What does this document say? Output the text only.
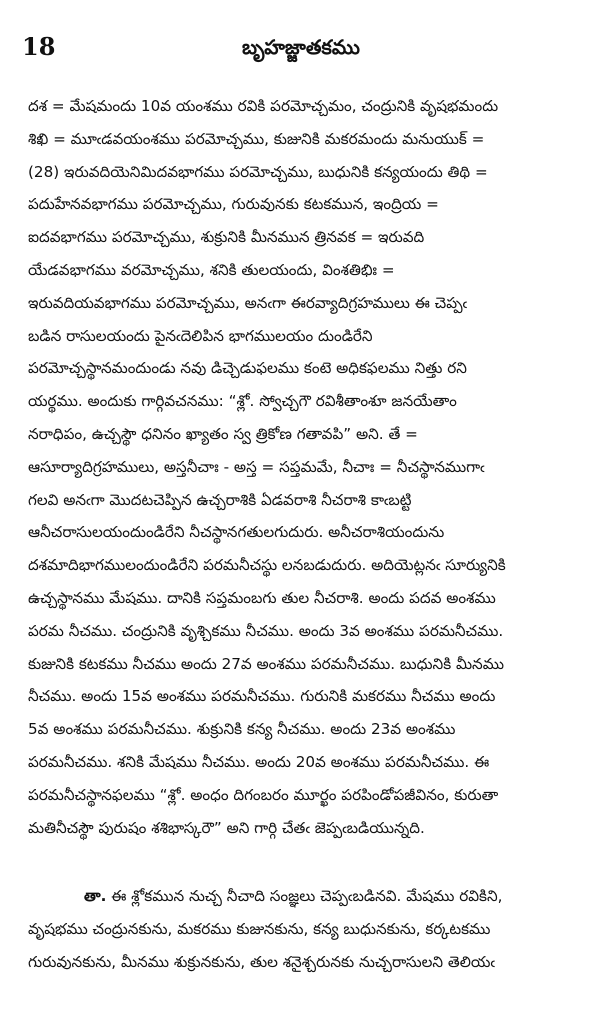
18	బృహజ్జాతకము
దశ = మేషమందు 10వ యంశము రవికి పరమోచ్చమం, చంద్రునికి వృషభమందు
శిఖి = మూఁడవయంశము పరమోచ్చము, కుజునికి మకరమందు మనుయుక్ =
(28) ఇరువదియెనిమిదవభాగము పరమోచ్చము, బుధునికి కన్యయందు తిథి =
పదుహేనవభాగము పరమోచ్చము, గురువునకు కటకమున, ఇంద్రియ =
ఐదవభాగము పరమోచ్చము, శుక్రునికి మీనమున త్రినవక = ఇరువది
యేడవభాగము వరమోచ్చము, శనికి తులయందు, వింశతిభిః =
ఇరువదియవభాగము పరమోచ్చము, అనఁగా ఈరవ్యాదిగ్రహములు ఈ చెప్పఁ
బడిన రాసులయందు పైనఁదెలిపిన భాగములయం దుండిరేని
పరమోచ్చస్థానమందుండు నవు డిచ్చెడుఫలము కంటె అధికఫలము నిత్తు రని
యర్థము. అందుకు గార్గివచనము: “శ్లో. స్వోచ్చగౌ రవిశీతాంశూ జనయేతాం
నరాధిపం, ఉచ్చస్థౌ ధనినం ఖ్యాతం స్వ త్రికోణ గతావపి” అని. తే =
ఆసూర్యాదిగ్రహములు, అస్తనీచాః - అస్త = సప్తమమే, నీచాః = నీచస్థానముగాఁ
గలవి అనఁగా మొదటచెప్పిన ఉచ్చరాశికి ఏడవరాశి నీచరాశి కాఁబట్టి
ఆనీచరాసులయందుండిరేని నీచస్థానగతులగుదురు. అనీచరాశియందును
దశమాదిభాగములందుండిరేని పరమనీచస్థు లనబడుదురు. అదియెట్లనఁ సూర్యునికి
ఉచ్చస్థానము మేషము. దానికి సప్తమంబగు తుల నీచరాశి. అందు పదవ అంశము
పరమ నీచము. చంద్రునికి వృశ్చికము నీచము. అందు 3వ అంశము పరమనీచము.
కుజునికి కటకము నీచము అందు 27వ అంశము పరమనీచము. బుధునికి మీనము
నీచము. అందు 15వ అంశము పరమనీచము. గురునికి మకరము నీచము అందు
5వ అంశము పరమనీచము. శుక్రునికి కన్య నీచము. అందు 23వ అంశము
పరమనీచము. శనికి మేషము నీచము. అందు 20వ అంశము పరమనీచము. ఈ
పరమనీచస్థానఫలము “శ్లో. అంధం దిగంబరం మూర్ఖం పరపిండోపజీవినం, కురుతా
మతినీచస్థౌ పురుషం శశిభాస్కరౌ” అని గార్గి చేతఁ జెప్పఁబడియున్నది.
తా. ఈ శ్లోకమున నుచ్చ నీచాది సంజ్ఞలు చెప్పఁబడినవి. మేషము రవికిని,
వృషభము చంద్రునకును, మకరము కుజునకును, కన్య బుధునకును, కర్కటకము
గురువునకును, మీనము శుక్రునకును, తుల శనైశ్చరునకు నుచ్చరాసులని తెలియఁ
